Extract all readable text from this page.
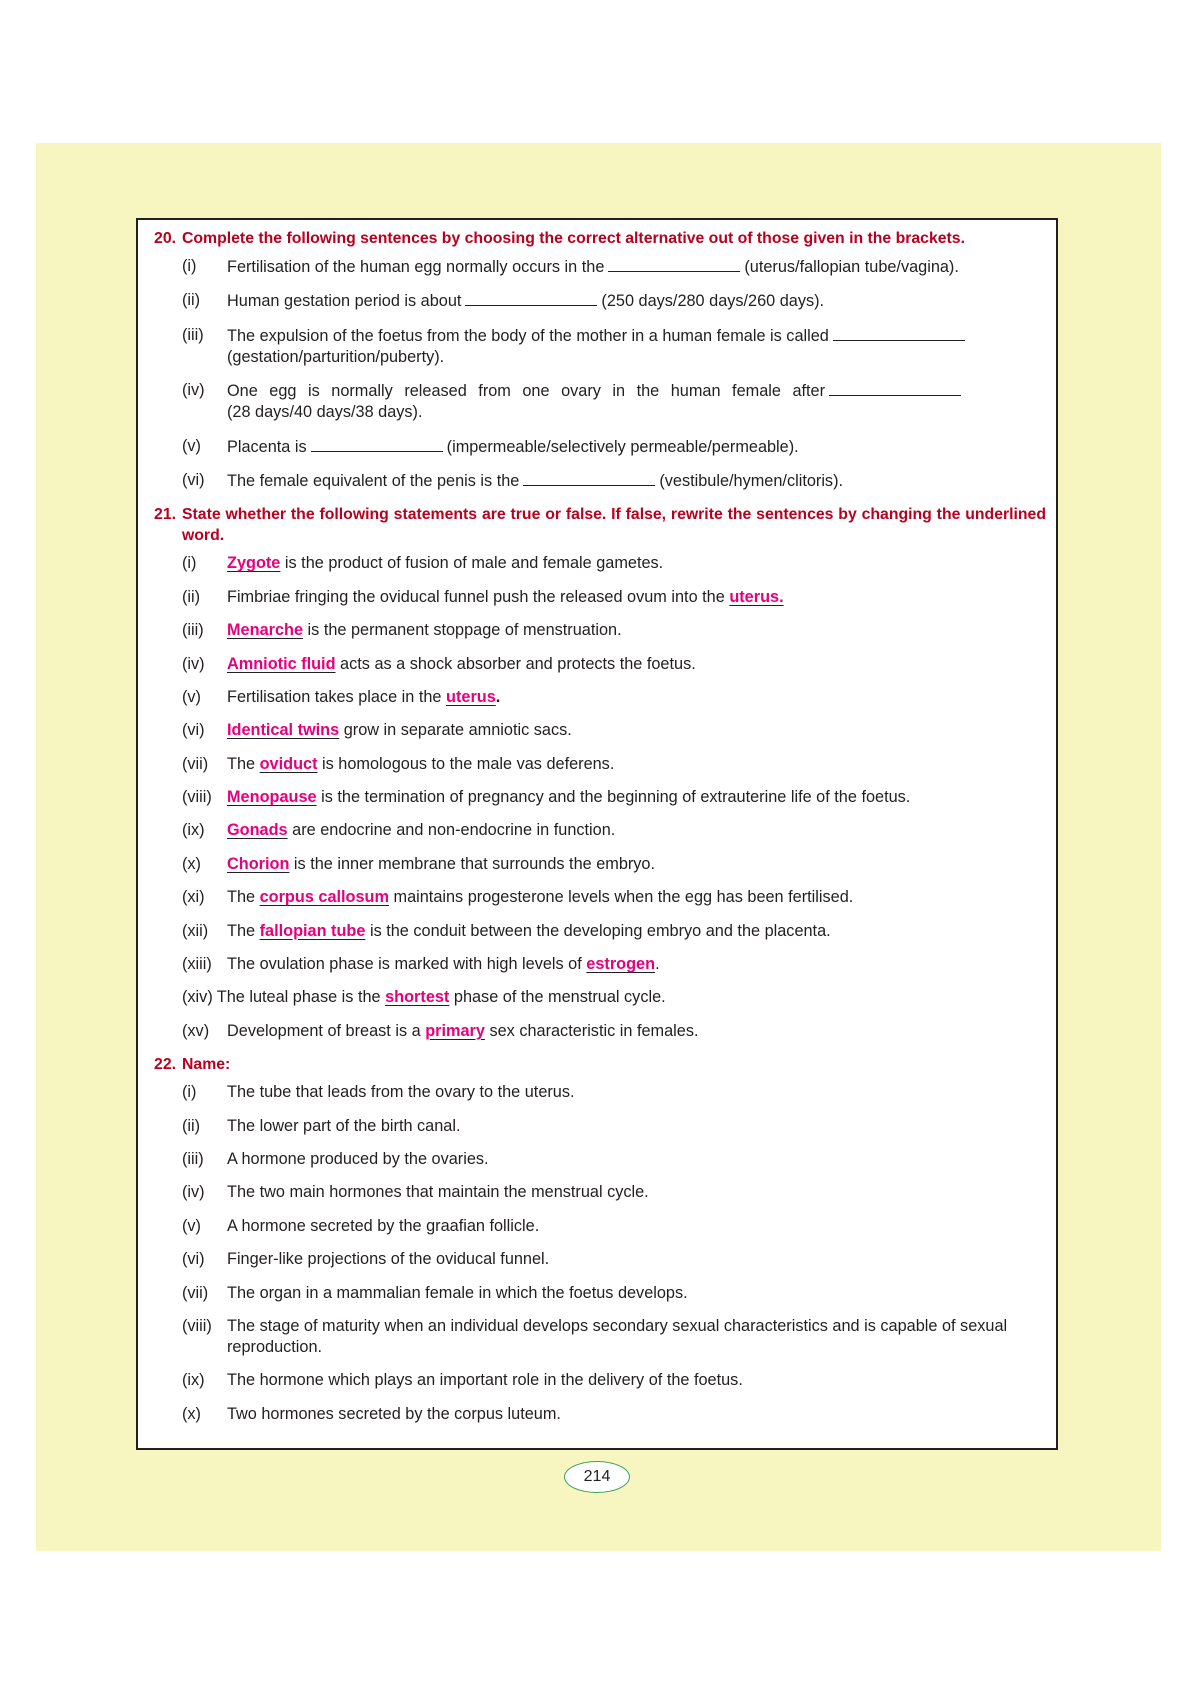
20. Complete the following sentences by choosing the correct alternative out of those given in the brackets.
(i)	Fertilisation of the human egg normally occurs in the	(uterus/fallopian tube/vagina).
(ii)	Human gestation period is about	(250 days/280 days/260 days).
(iii)	The expulsion of the foetus from the body of the mother in a human female is called
(gestation/parturition/puberty).
(iv)	One egg is normally released from one ovary in the human female after
(28 days/40 days/38 days).
(v)	Placenta is	(impermeable/selectively permeable/permeable).
(vi)	The female equivalent of the penis is the	(vestibule/hymen/clitoris).
21. State whether the following statements are true or false. If false, rewrite the sentences by changing the underlined word.
(i)	Zygote is the product of fusion of male and female gametes.
(ii)	Fimbriae fringing the oviducal funnel push the released ovum into the uterus.
(iii)	Menarche is the permanent stoppage of menstruation.
(iv)	Amniotic fluid acts as a shock absorber and protects the foetus.
(v)	Fertilisation takes place in the uterus.
(vi)	Identical twins grow in separate amniotic sacs.
(vii)	The oviduct is homologous to the male vas deferens.
(viii) Menopause is the termination of pregnancy and the beginning of extrauterine life of the foetus.
(ix)	Gonads are endocrine and non-endocrine in function.
(x)	Chorion is the inner membrane that surrounds the embryo.
(xi)	The corpus callosum maintains progesterone levels when the egg has been fertilised.
(xii)	The fallopian tube is the conduit between the developing embryo and the placenta.
(xiii) The ovulation phase is marked with high levels of estrogen.
(xiv) The luteal phase is the shortest phase of the menstrual cycle.
(xv)	Development of breast is a primary sex characteristic in females.
22. Name:
(i)	The tube that leads from the ovary to the uterus.
(ii)	The lower part of the birth canal.
(iii)	A hormone produced by the ovaries.
(iv)	The two main hormones that maintain the menstrual cycle.
(v)	A hormone secreted by the graafian follicle.
(vi)	Finger-like projections of the oviducal funnel.
(vii)	The organ in a mammalian female in which the foetus develops.
(viii) The stage of maturity when an individual develops secondary sexual characteristics and is capable of sexual reproduction.
(ix)	The hormone which plays an important role in the delivery of the foetus.
(x)	Two hormones secreted by the corpus luteum.
214
